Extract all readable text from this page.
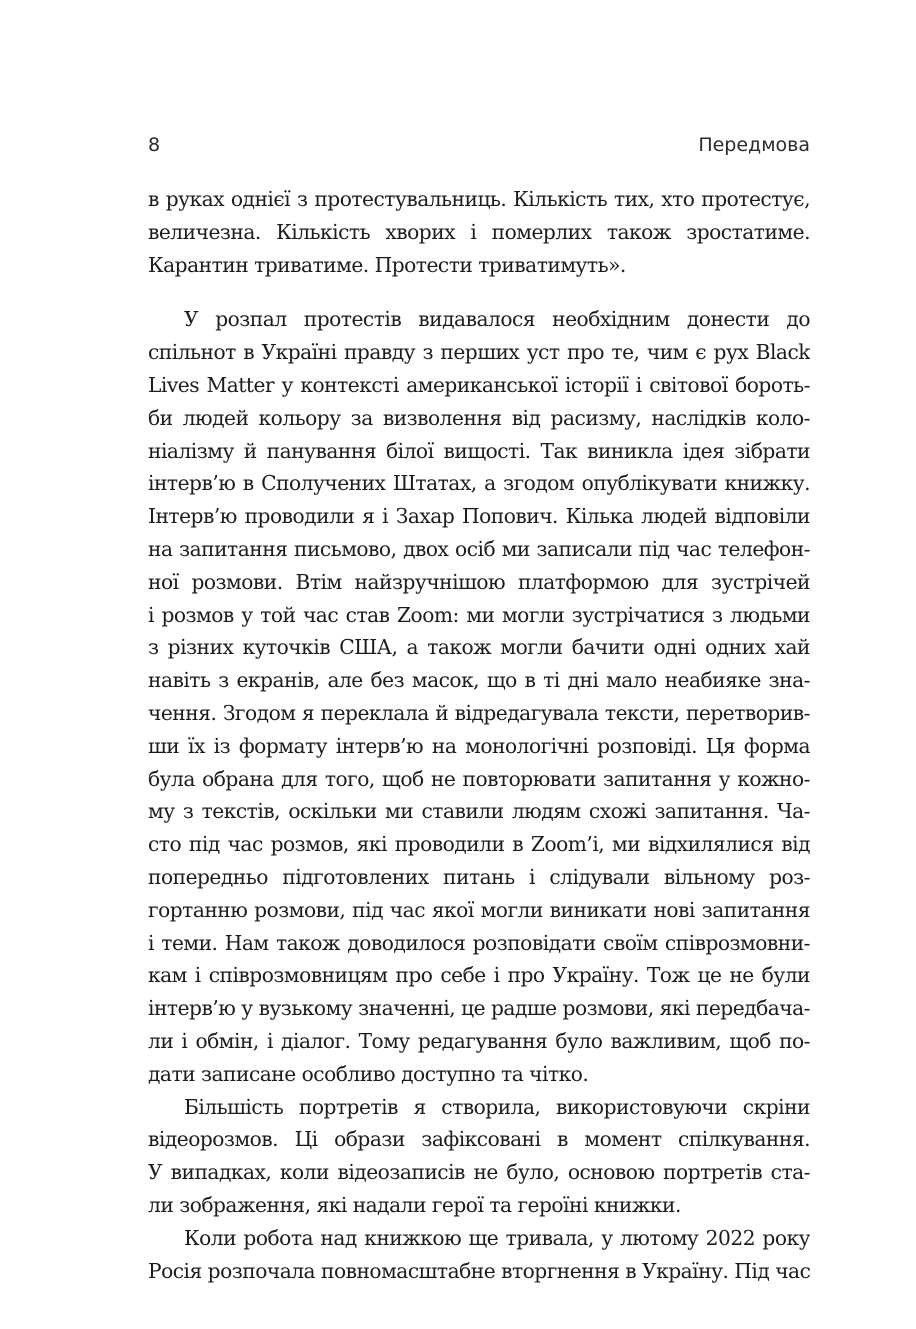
8	Передмова
в руках однієї з протестувальниць. Кількість тих, хто протестує,
величезна. Кількість хворих і померлих також зростатиме.
Карантин триватиме. Протести триватимуть».
У розпал протестів видавалося необхідним донести до
спільнот в Україні правду з перших уст про те, чим є рух Black
Lives Matter у контексті американської історії і світової бороть-
би людей кольору за визволення від расизму, наслідків коло-
ніалізму й панування білої вищості. Так виникла ідея зібрати
інтерв’ю в Сполучених Штатах, а згодом опублікувати книжку.
Інтерв’ю проводили я і Захар Попович. Кілька людей відповіли
на запитання письмово, двох осіб ми записали під час телефон-
ної розмови. Втім найзручнішою платформою для зустрічей
і розмов у той час став Zoom: ми могли зустрічатися з людьми
з різних куточків США, а також могли бачити одні одних хай
навіть з екранів, але без масок, що в ті дні мало неабияке зна-
чення. Згодом я переклала й відредагувала тексти, перетворив-
ши їх із формату інтерв’ю на монологічні розповіді. Ця форма
була обрана для того, щоб не повторювати запитання у кожно-
му з текстів, оскільки ми ставили людям схожі запитання. Ча-
сто під час розмов, які проводили в Zoom’і, ми відхилялися від
попередньо підготовлених питань і слідували вільному роз-
гортанню розмови, під час якої могли виникати нові запитання
і теми. Нам також доводилося розповідати своїм співрозмовни-
кам і співрозмовницям про себе і про Україну. Тож це не були
інтерв’ю у вузькому значенні, це радше розмови, які передбача-
ли і обмін, і діалог. Тому редагування було важливим, щоб по-
дати записане особливо доступно та чітко.
Більшість портретів я створила, використовуючи скріни
відеорозмов. Ці образи зафіксовані в момент спілкування.
У випадках, коли відеозаписів не було, основою портретів ста-
ли зображення, які надали герої та героїні книжки.
Коли робота над книжкою ще тривала, у лютому 2022 року
Росія розпочала повномасштабне вторгнення в Україну. Під час
